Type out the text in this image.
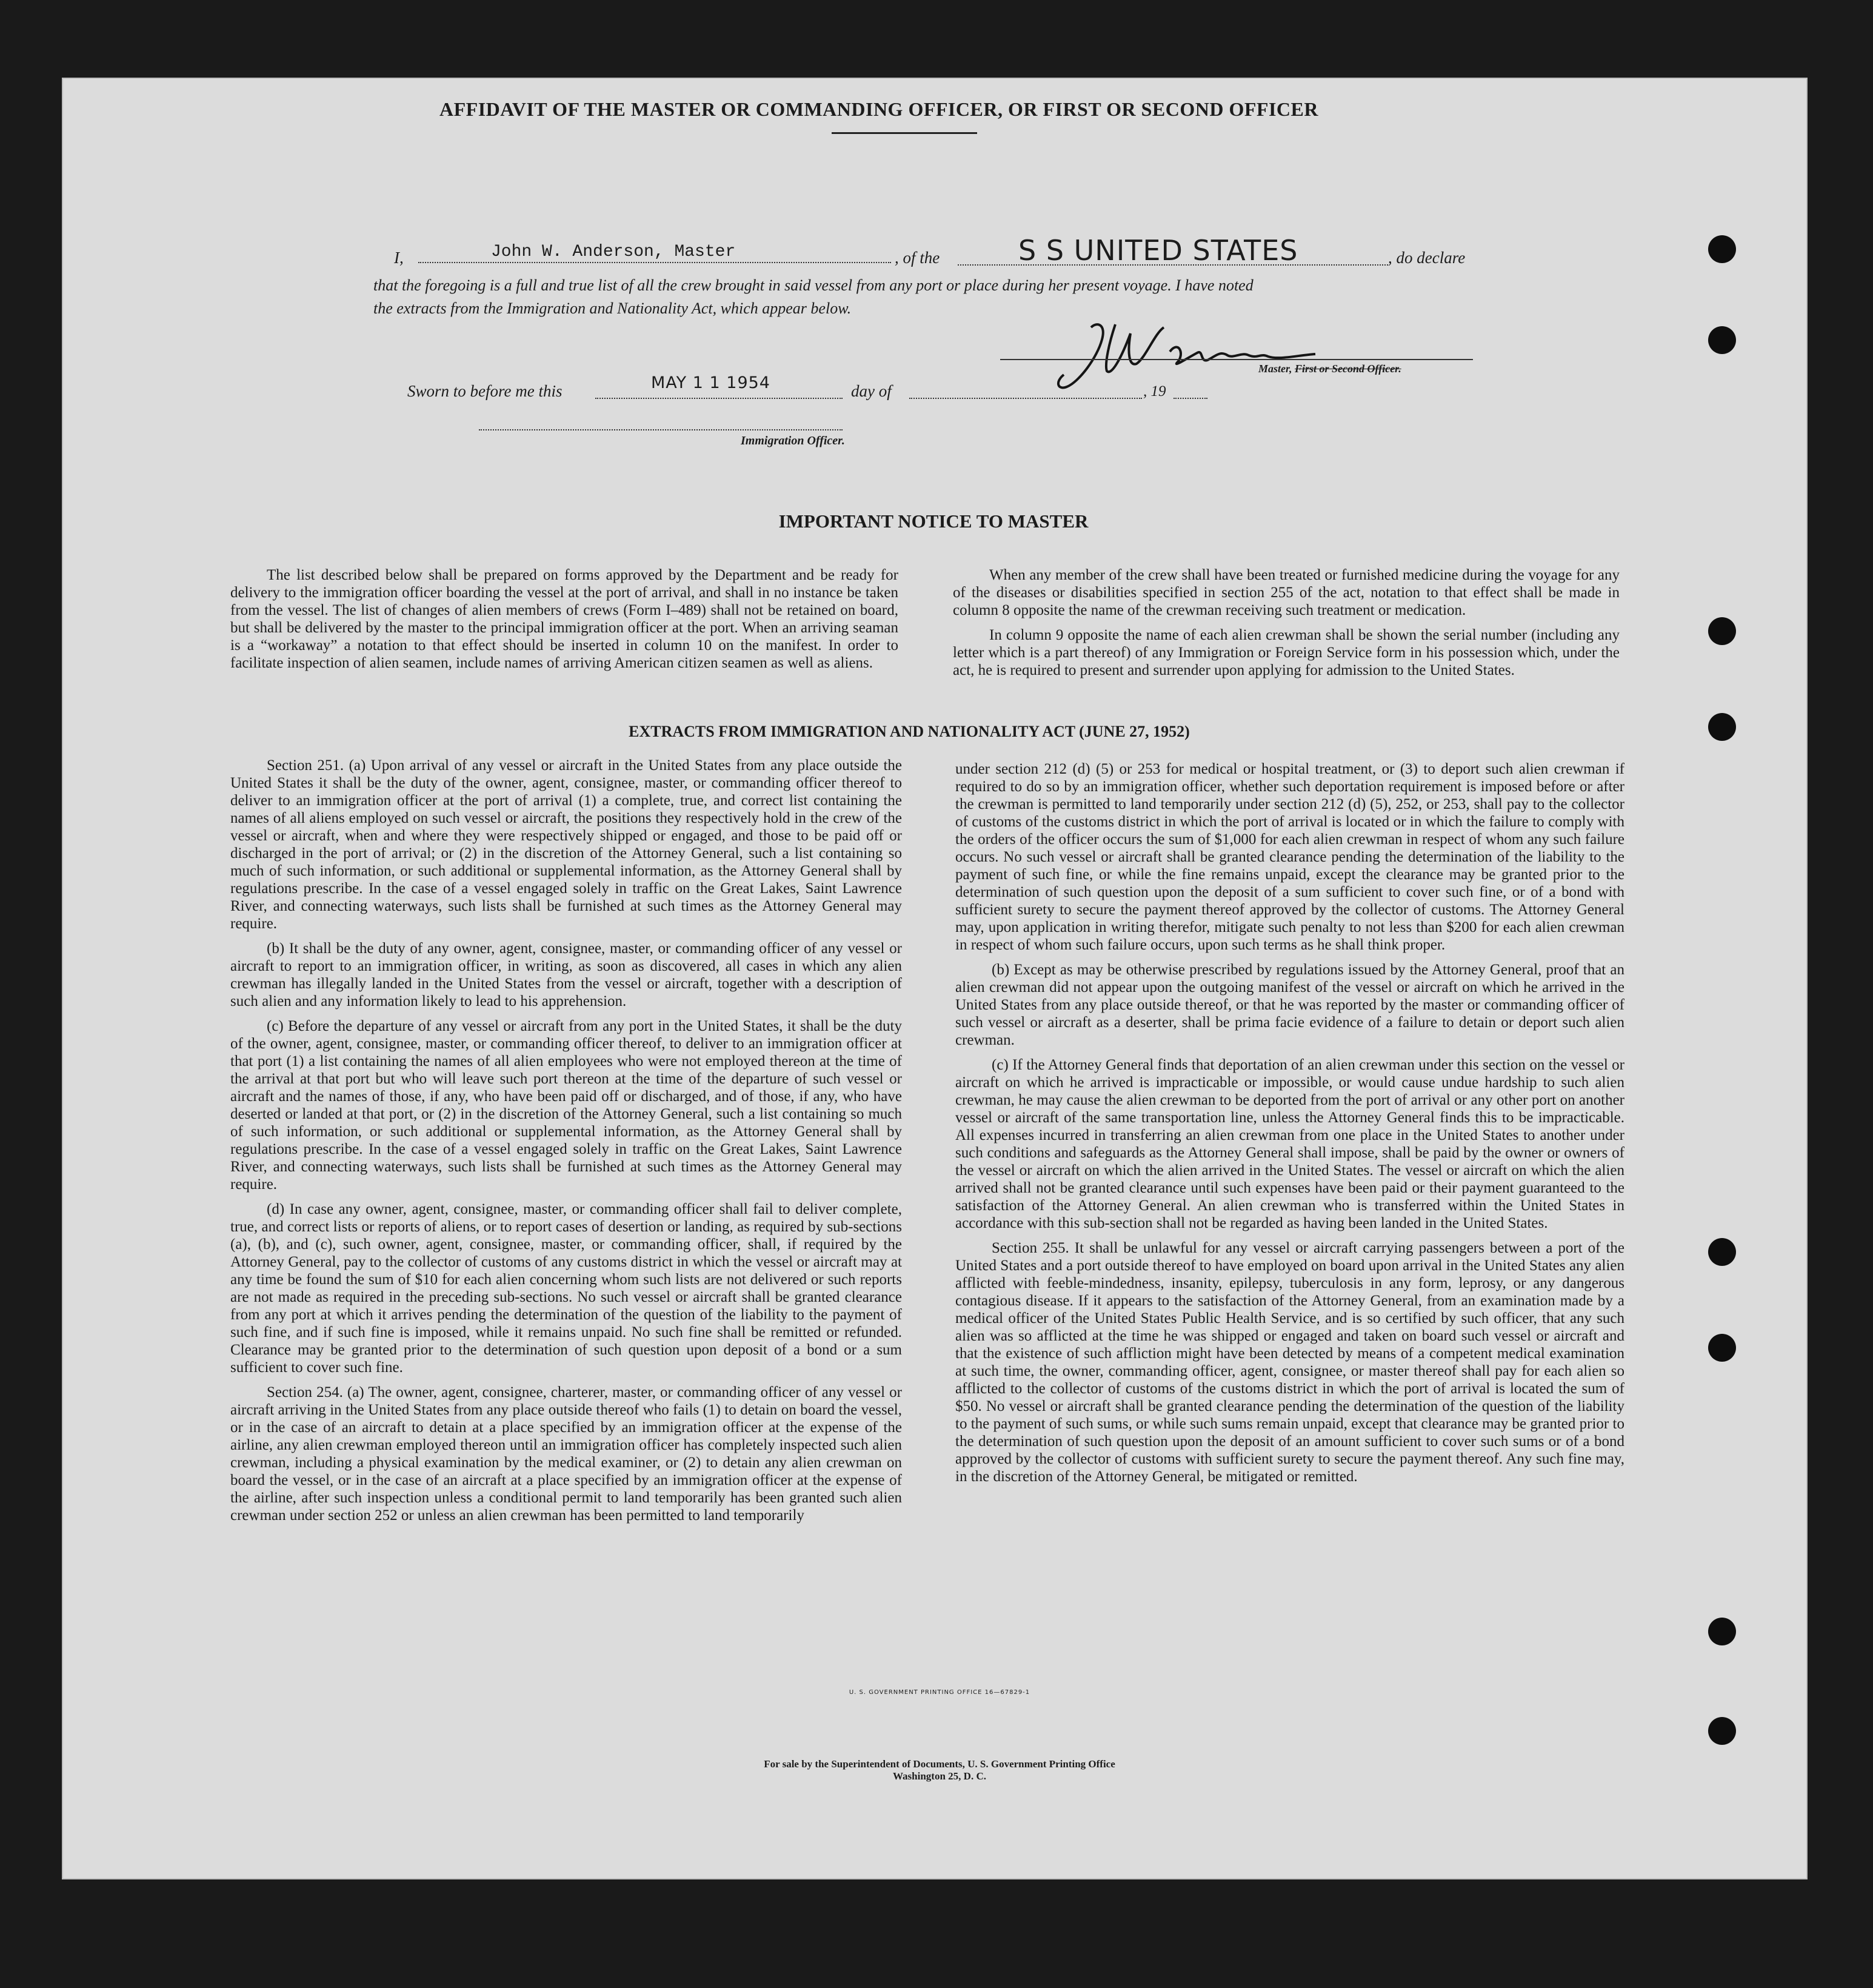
AFFIDAVIT OF THE MASTER OR COMMANDING OFFICER, OR FIRST OR SECOND OFFICER
I,	John W. Anderson, Master	, of the	S S UNITED STATES	, do declare
that the foregoing is a full and true list of all the crew brought in said vessel from any port or place during her present voyage. I have noted
the extracts from the Immigration and Nationality Act, which appear below.
Master, First or Second Officer.
Sworn to before me this	MAY 1 1 1954	day of	, 19
Immigration Officer.
IMPORTANT NOTICE TO MASTER

The list described below shall be prepared on forms approved by the Department and be ready for delivery to the immigration officer boarding the vessel at the port of arrival, and shall in no instance be taken from the vessel. The list of changes of alien members of crews (Form I–489) shall not be retained on board, but shall be delivered by the master to the principal immigration officer at the port. When an arriving seaman is a “workaway” a notation to that effect should be inserted in column 10 on the manifest. In order to facilitate inspection of alien seamen, include names of arriving American citizen seamen as well as aliens.

When any member of the crew shall have been treated or furnished medicine during the voyage for any of the diseases or disabilities specified in section 255 of the act, notation to that effect shall be made in column 8 opposite the name of the crewman receiving such treatment or medication.

In column 9 opposite the name of each alien crewman shall be shown the serial number (including any letter which is a part thereof) of any Immigration or Foreign Service form in his possession which, under the act, he is required to present and surrender upon applying for admission to the United States.

EXTRACTS FROM IMMIGRATION AND NATIONALITY ACT (JUNE 27, 1952)

Section 251. (a) Upon arrival of any vessel or aircraft in the United States from any place outside the United States it shall be the duty of the owner, agent, consignee, master, or commanding officer thereof to deliver to an immigration officer at the port of arrival (1) a complete, true, and correct list containing the names of all aliens employed on such vessel or aircraft, the positions they respectively hold in the crew of the vessel or aircraft, when and where they were respectively shipped or engaged, and those to be paid off or discharged in the port of arrival; or (2) in the discretion of the Attorney General, such a list containing so much of such information, or such additional or supplemental information, as the Attorney General shall by regulations prescribe. In the case of a vessel engaged solely in traffic on the Great Lakes, Saint Lawrence River, and connecting waterways, such lists shall be furnished at such times as the Attorney General may require.

(b) It shall be the duty of any owner, agent, consignee, master, or commanding officer of any vessel or aircraft to report to an immigration officer, in writing, as soon as discovered, all cases in which any alien crewman has illegally landed in the United States from the vessel or aircraft, together with a description of such alien and any information likely to lead to his apprehension.

(c) Before the departure of any vessel or aircraft from any port in the United States, it shall be the duty of the owner, agent, consignee, master, or commanding officer thereof, to deliver to an immigration officer at that port (1) a list containing the names of all alien employees who were not employed thereon at the time of the arrival at that port but who will leave such port thereon at the time of the departure of such vessel or aircraft and the names of those, if any, who have been paid off or discharged, and of those, if any, who have deserted or landed at that port, or (2) in the discretion of the Attorney General, such a list containing so much of such information, or such additional or supplemental information, as the Attorney General shall by regulations prescribe. In the case of a vessel engaged solely in traffic on the Great Lakes, Saint Lawrence River, and connecting waterways, such lists shall be furnished at such times as the Attorney General may require.

(d) In case any owner, agent, consignee, master, or commanding officer shall fail to deliver complete, true, and correct lists or reports of aliens, or to report cases of desertion or landing, as required by sub-sections (a), (b), and (c), such owner, agent, consignee, master, or commanding officer, shall, if required by the Attorney General, pay to the collector of customs of any customs district in which the vessel or aircraft may at any time be found the sum of $10 for each alien concerning whom such lists are not delivered or such reports are not made as required in the preceding sub-sections. No such vessel or aircraft shall be granted clearance from any port at which it arrives pending the determination of the question of the liability to the payment of such fine, and if such fine is imposed, while it remains unpaid. No such fine shall be remitted or refunded. Clearance may be granted prior to the determination of such question upon deposit of a bond or a sum sufficient to cover such fine.

Section 254. (a) The owner, agent, consignee, charterer, master, or commanding officer of any vessel or aircraft arriving in the United States from any place outside thereof who fails (1) to detain on board the vessel, or in the case of an aircraft to detain at a place specified by an immigration officer at the expense of the airline, any alien crewman employed thereon until an immigration officer has completely inspected such alien crewman, including a physical examination by the medical examiner, or (2) to detain any alien crewman on board the vessel, or in the case of an aircraft at a place specified by an immigration officer at the expense of the airline, after such inspection unless a conditional permit to land temporarily has been granted such alien crewman under section 252 or unless an alien crewman has been permitted to land temporarily

under section 212 (d) (5) or 253 for medical or hospital treatment, or (3) to deport such alien crewman if required to do so by an immigration officer, whether such deportation requirement is imposed before or after the crewman is permitted to land temporarily under section 212 (d) (5), 252, or 253, shall pay to the collector of customs of the customs district in which the port of arrival is located or in which the failure to comply with the orders of the officer occurs the sum of $1,000 for each alien crewman in respect of whom any such failure occurs. No such vessel or aircraft shall be granted clearance pending the determination of the liability to the payment of such fine, or while the fine remains unpaid, except the clearance may be granted prior to the determination of such question upon the deposit of a sum sufficient to cover such fine, or of a bond with sufficient surety to secure the payment thereof approved by the collector of customs. The Attorney General may, upon application in writing therefor, mitigate such penalty to not less than $200 for each alien crewman in respect of whom such failure occurs, upon such terms as he shall think proper.

(b) Except as may be otherwise prescribed by regulations issued by the Attorney General, proof that an alien crewman did not appear upon the outgoing manifest of the vessel or aircraft on which he arrived in the United States from any place outside thereof, or that he was reported by the master or commanding officer of such vessel or aircraft as a deserter, shall be prima facie evidence of a failure to detain or deport such alien crewman.

(c) If the Attorney General finds that deportation of an alien crewman under this section on the vessel or aircraft on which he arrived is impracticable or impossible, or would cause undue hardship to such alien crewman, he may cause the alien crewman to be deported from the port of arrival or any other port on another vessel or aircraft of the same transportation line, unless the Attorney General finds this to be impracticable. All expenses incurred in transferring an alien crewman from one place in the United States to another under such conditions and safeguards as the Attorney General shall impose, shall be paid by the owner or owners of the vessel or aircraft on which the alien arrived in the United States. The vessel or aircraft on which the alien arrived shall not be granted clearance until such expenses have been paid or their payment guaranteed to the satisfaction of the Attorney General. An alien crewman who is transferred within the United States in accordance with this sub-section shall not be regarded as having been landed in the United States.

Section 255. It shall be unlawful for any vessel or aircraft carrying passengers between a port of the United States and a port outside thereof to have employed on board upon arrival in the United States any alien afflicted with feeble-mindedness, insanity, epilepsy, tuberculosis in any form, leprosy, or any dangerous contagious disease. If it appears to the satisfaction of the Attorney General, from an examination made by a medical officer of the United States Public Health Service, and is so certified by such officer, that any such alien was so afflicted at the time he was shipped or engaged and taken on board such vessel or aircraft and that the existence of such affliction might have been detected by means of a competent medical examination at such time, the owner, commanding officer, agent, consignee, or master thereof shall pay for each alien so afflicted to the collector of customs of the customs district in which the port of arrival is located the sum of $50. No vessel or aircraft shall be granted clearance pending the determination of the question of the liability to the payment of such sums, or while such sums remain unpaid, except that clearance may be granted prior to the determination of such question upon the deposit of an amount sufficient to cover such sums or of a bond approved by the collector of customs with sufficient surety to secure the payment thereof. Any such fine may, in the discretion of the Attorney General, be mitigated or remitted.

U. S. GOVERNMENT PRINTING OFFICE 16—67829-1
For sale by the Superintendent of Documents, U. S. Government Printing Office
Washington 25, D. C.
